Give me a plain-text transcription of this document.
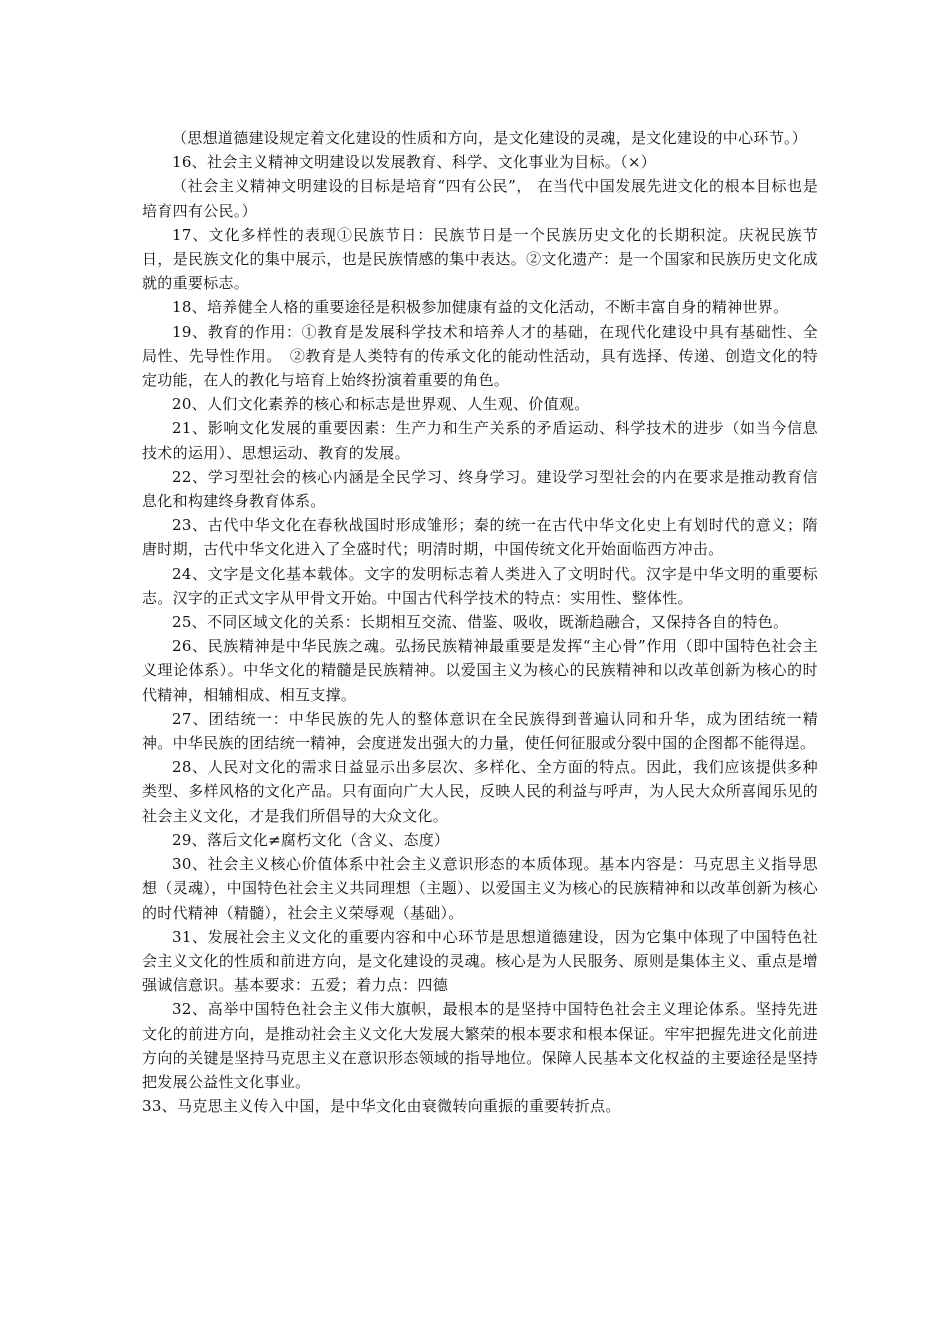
（思想道德建设规定着文化建设的性质和方向，是文化建设的灵魂，是文化建设的中心环节。）

16、社会主义精神文明建设以发展教育、科学、文化事业为目标。（×）

（社会主义精神文明建设的目标是培育“四有公民”， 在当代中国发展先进文化的根本目标也是培育四有公民。）

17、文化多样性的表现①民族节日：民族节日是一个民族历史文化的长期积淀。庆祝民族节日，是民族文化的集中展示，也是民族情感的集中表达。②文化遗产：是一个国家和民族历史文化成就的重要标志。

18、培养健全人格的重要途径是积极参加健康有益的文化活动，不断丰富自身的精神世界。

19、教育的作用：①教育是发展科学技术和培养人才的基础，在现代化建设中具有基础性、全局性、先导性作用。　②教育是人类特有的传承文化的能动性活动，具有选择、传递、创造文化的特定功能，在人的教化与培育上始终扮演着重要的角色。

20、人们文化素养的核心和标志是世界观、人生观、价值观。

21、影响文化发展的重要因素：生产力和生产关系的矛盾运动、科学技术的进步（如当今信息技术的运用）、思想运动、教育的发展。

22、学习型社会的核心内涵是全民学习、终身学习。建设学习型社会的内在要求是推动教育信息化和构建终身教育体系。

23、古代中华文化在春秋战国时形成雏形；秦的统一在古代中华文化史上有划时代的意义；隋唐时期，古代中华文化进入了全盛时代；明清时期，中国传统文化开始面临西方冲击。

24、文字是文化基本载体。文字的发明标志着人类进入了文明时代。汉字是中华文明的重要标志。汉字的正式文字从甲骨文开始。中国古代科学技术的特点：实用性、整体性。

25、不同区域文化的关系：长期相互交流、借鉴、吸收，既渐趋融合，又保持各自的特色。

26、民族精神是中华民族之魂。弘扬民族精神最重要是发挥“主心骨”作用（即中国特色社会主义理论体系）。中华文化的精髓是民族精神。以爱国主义为核心的民族精神和以改革创新为核心的时代精神，相辅相成、相互支撑。

27、团结统一：中华民族的先人的整体意识在全民族得到普遍认同和升华，成为团结统一精神。中华民族的团结统一精神，会度迸发出强大的力量，使任何征服或分裂中国的企图都不能得逞。

28、人民对文化的需求日益显示出多层次、多样化、全方面的特点。因此，我们应该提供多种类型、多样风格的文化产品。只有面向广大人民，反映人民的利益与呼声，为人民大众所喜闻乐见的社会主义文化，才是我们所倡导的大众文化。

29、落后文化≠腐朽文化（含义、态度）

30、社会主义核心价值体系中社会主义意识形态的本质体现。基本内容是：马克思主义指导思想（灵魂），中国特色社会主义共同理想（主题）、以爱国主义为核心的民族精神和以改革创新为核心的时代精神（精髓），社会主义荣辱观（基础）。

31、发展社会主义文化的重要内容和中心环节是思想道德建设，因为它集中体现了中国特色社会主义文化的性质和前进方向，是文化建设的灵魂。核心是为人民服务、原则是集体主义、重点是增强诚信意识。基本要求：五爱；着力点：四德

32、高举中国特色社会主义伟大旗帜，最根本的是坚持中国特色社会主义理论体系。坚持先进文化的前进方向，是推动社会主义文化大发展大繁荣的根本要求和根本保证。牢牢把握先进文化前进方向的关键是坚持马克思主义在意识形态领域的指导地位。保障人民基本文化权益的主要途径是坚持把发展公益性文化事业。

33、马克思主义传入中国，是中华文化由衰微转向重振的重要转折点。
